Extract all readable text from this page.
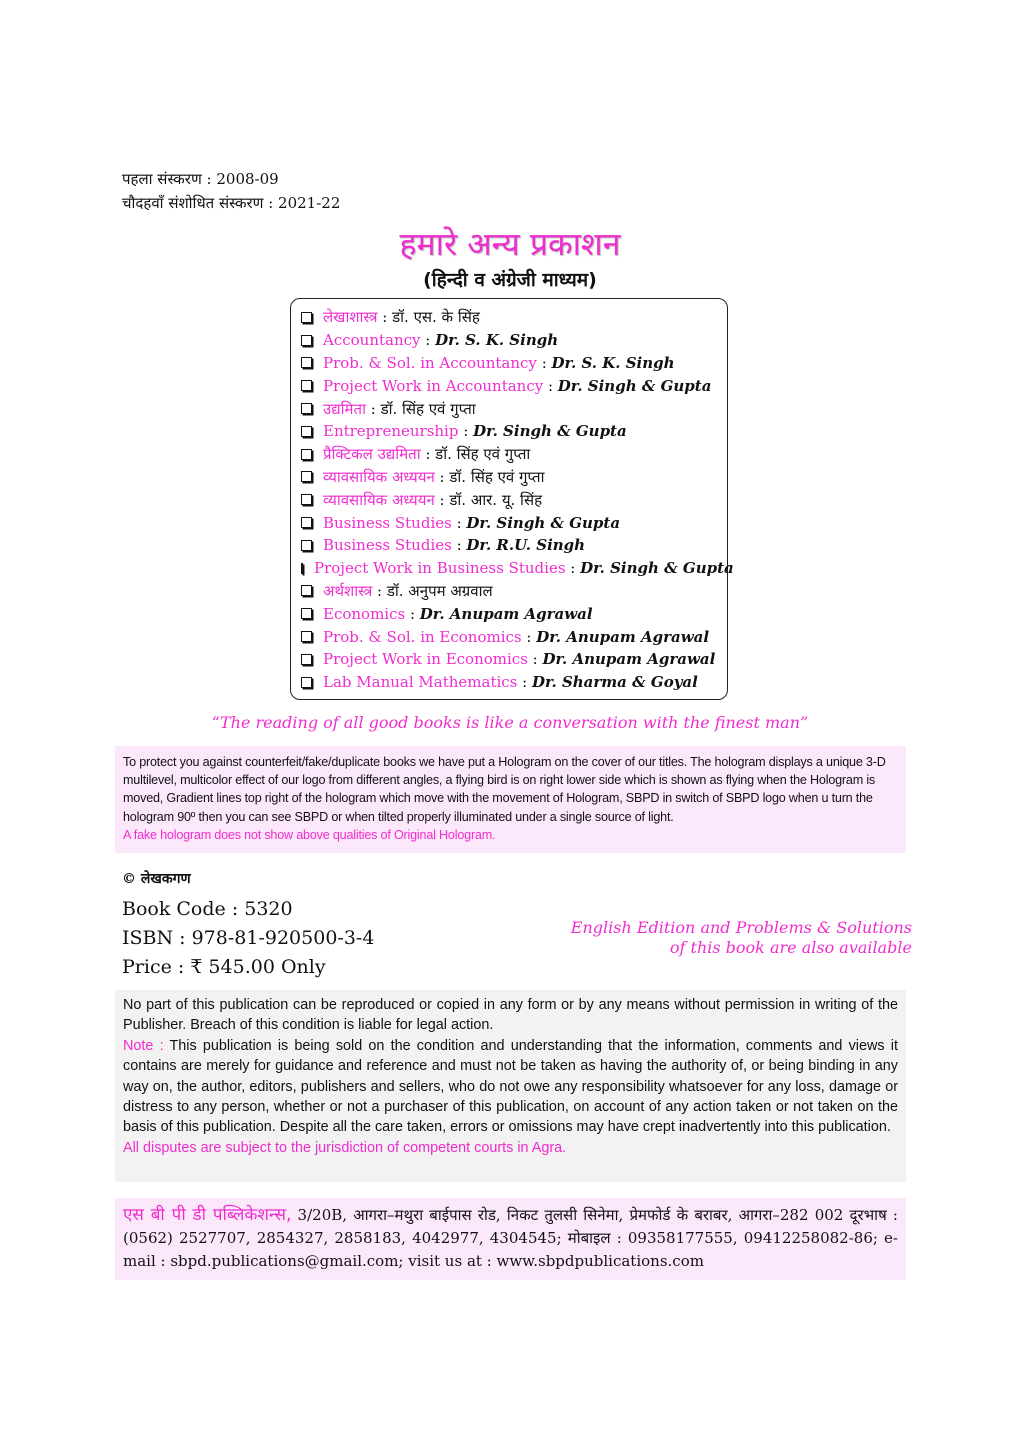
पहला संस्करण : 2008-09
चौदहवाँ संशोधित संस्करण : 2021-22
हमारे अन्य प्रकाशन
(हिन्दी व अंग्रेजी माध्यम)
लेखाशास्त्र : डॉ. एस. के सिंह
Accountancy : Dr. S. K. Singh
Prob. & Sol. in Accountancy : Dr. S. K. Singh
Project Work in Accountancy : Dr. Singh & Gupta
उद्यमिता : डॉ. सिंह एवं गुप्ता
Entrepreneurship : Dr. Singh & Gupta
प्रैक्टिकल उद्यमिता : डॉ. सिंह एवं गुप्ता
व्यावसायिक अध्ययन : डॉ. सिंह एवं गुप्ता
व्यावसायिक अध्ययन : डॉ. आर. यू. सिंह
Business Studies : Dr. Singh & Gupta
Business Studies : Dr. R.U. Singh
Project Work in Business Studies : Dr. Singh & Gupta
अर्थशास्त्र : डॉ. अनुपम अग्रवाल
Economics : Dr. Anupam Agrawal
Prob. & Sol. in Economics : Dr. Anupam Agrawal
Project Work in Economics : Dr. Anupam Agrawal
Lab Manual Mathematics : Dr. Sharma & Goyal
“The reading of all good books is like a conversation with the finest man”
To protect you against counterfeit/fake/duplicate books we have put a Hologram on the cover of our titles. The hologram displays a unique 3-D multilevel, multicolor effect of our logo from different angles, a flying bird is on right lower side which is shown as flying when the Hologram is moved, Gradient lines top right of the hologram which move with the movement of Hologram, SBPD in switch of SBPD logo when u turn the hologram 90º then you can see SBPD or when tilted properly illuminated under a single source of light.
A fake hologram does not show above qualities of Original Hologram.
© लेखकगण
Book Code : 5320
ISBN : 978-81-920500-3-4
Price : ₹ 545.00 Only
English Edition and Problems & Solutions
of this book are also available
No part of this publication can be reproduced or copied in any form or by any means without permission in writing of the Publisher. Breach of this condition is liable for legal action.
Note : This publication is being sold on the condition and understanding that the information, comments and views it contains are merely for guidance and reference and must not be taken as having the authority of, or being binding in any way on, the author, editors, publishers and sellers, who do not owe any responsibility whatsoever for any loss, damage or distress to any person, whether or not a purchaser of this publication, on account of any action taken or not taken on the basis of this publication. Despite all the care taken, errors or omissions may have crept inadvertently into this publication.
All disputes are subject to the jurisdiction of competent courts in Agra.
एस बी पी डी पब्लिकेशन्स, 3/20B, आगरा–मथुरा बाईपास रोड, निकट तुलसी सिनेमा, प्रेमफोर्ड के बराबर, आगरा–282 002 दूरभाष : (0562) 2527707, 2854327, 2858183, 4042977, 4304545; मोबाइल : 09358177555, 09412258082-86; e-mail : sbpd.publications@gmail.com; visit us at : www.sbpdpublications.com
